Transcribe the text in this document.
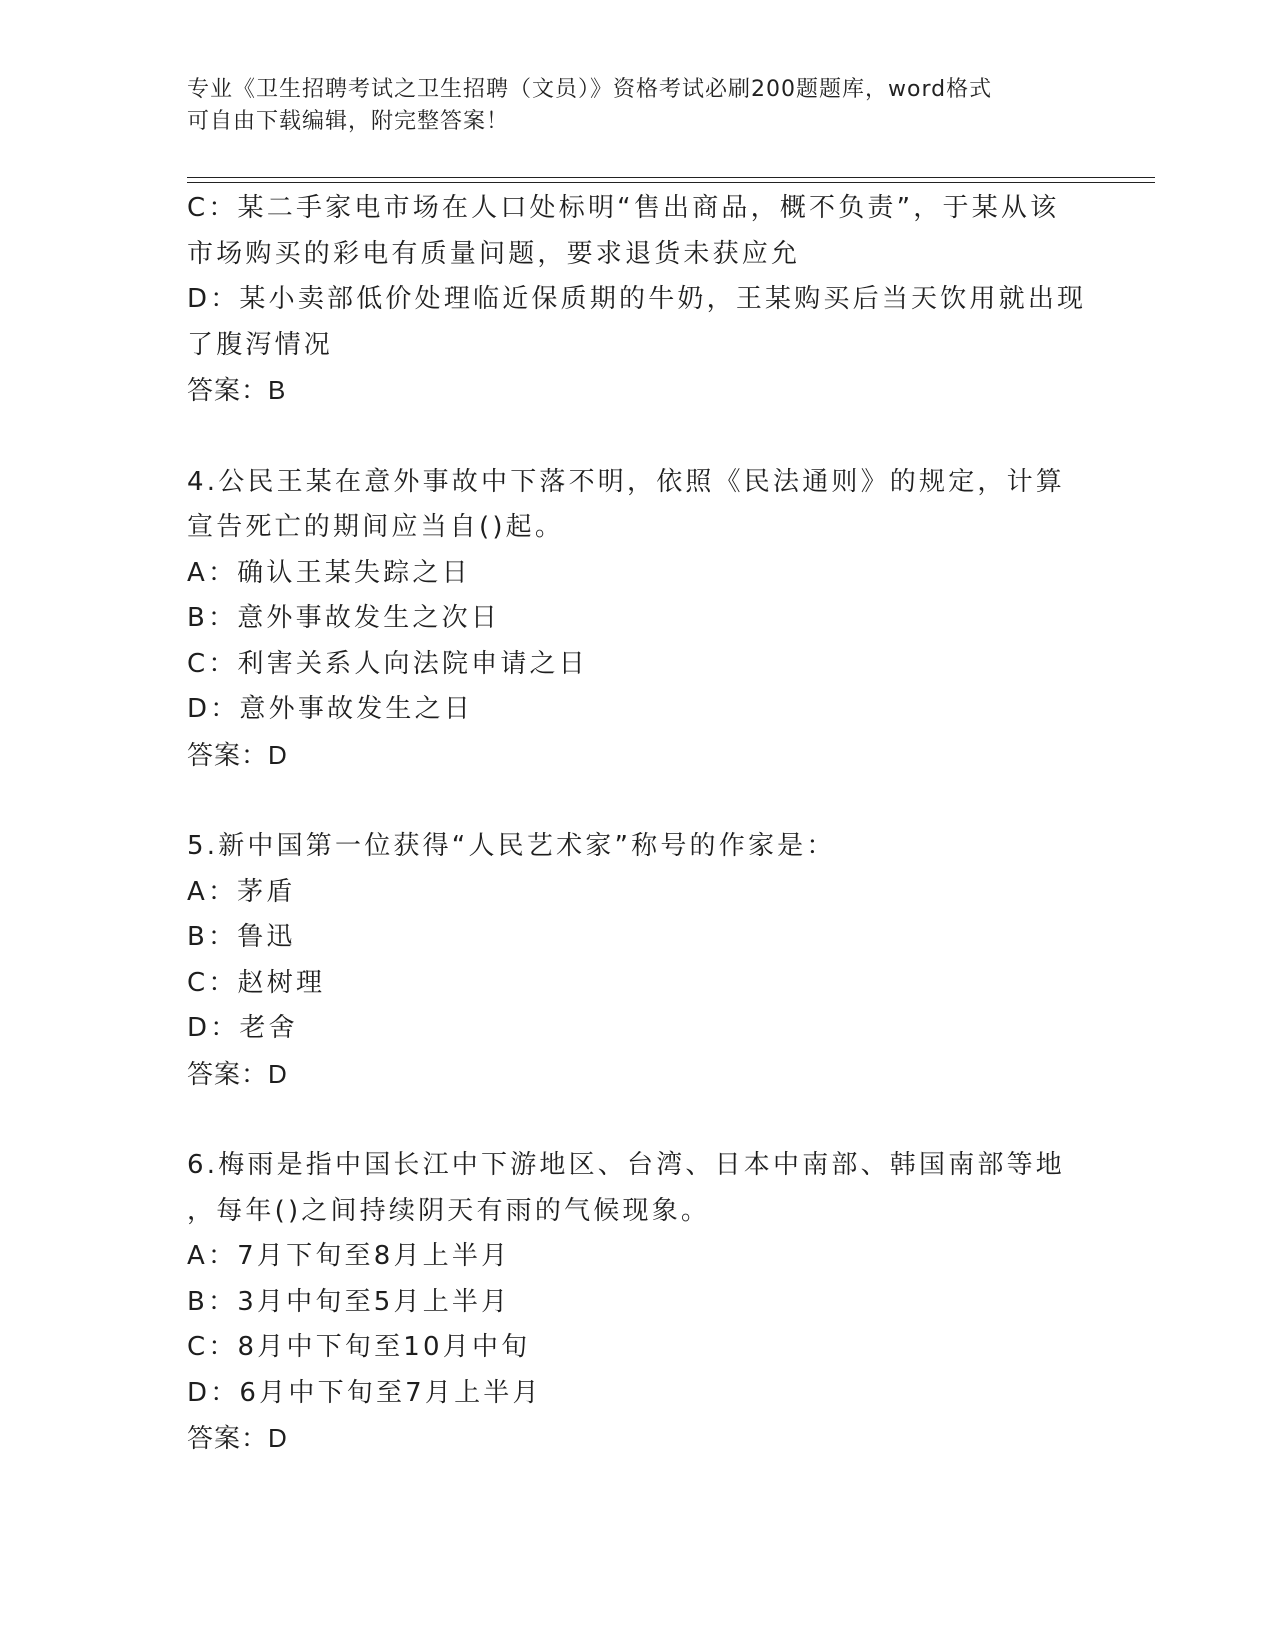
专业《卫生招聘考试之卫生招聘（文员）》资格考试必刷200题题库，word格式
可自由下载编辑，附完整答案！
C：某二手家电市场在人口处标明“售出商品，概不负责”，于某从该
市场购买的彩电有质量问题，要求退货未获应允
D：某小卖部低价处理临近保质期的牛奶，王某购买后当天饮用就出现
了腹泻情况
答案：B
4.公民王某在意外事故中下落不明，依照《民法通则》的规定，计算
宣告死亡的期间应当自()起。
A：确认王某失踪之日
B：意外事故发生之次日
C：利害关系人向法院申请之日
D：意外事故发生之日
答案：D
5.新中国第一位获得“人民艺术家”称号的作家是：
A：茅盾
B：鲁迅
C：赵树理
D：老舍
答案：D
6.梅雨是指中国长江中下游地区、台湾、日本中南部、韩国南部等地
，每年()之间持续阴天有雨的气候现象。
A：7月下旬至8月上半月
B：3月中旬至5月上半月
C：8月中下旬至10月中旬
D：6月中下旬至7月上半月
答案：D
